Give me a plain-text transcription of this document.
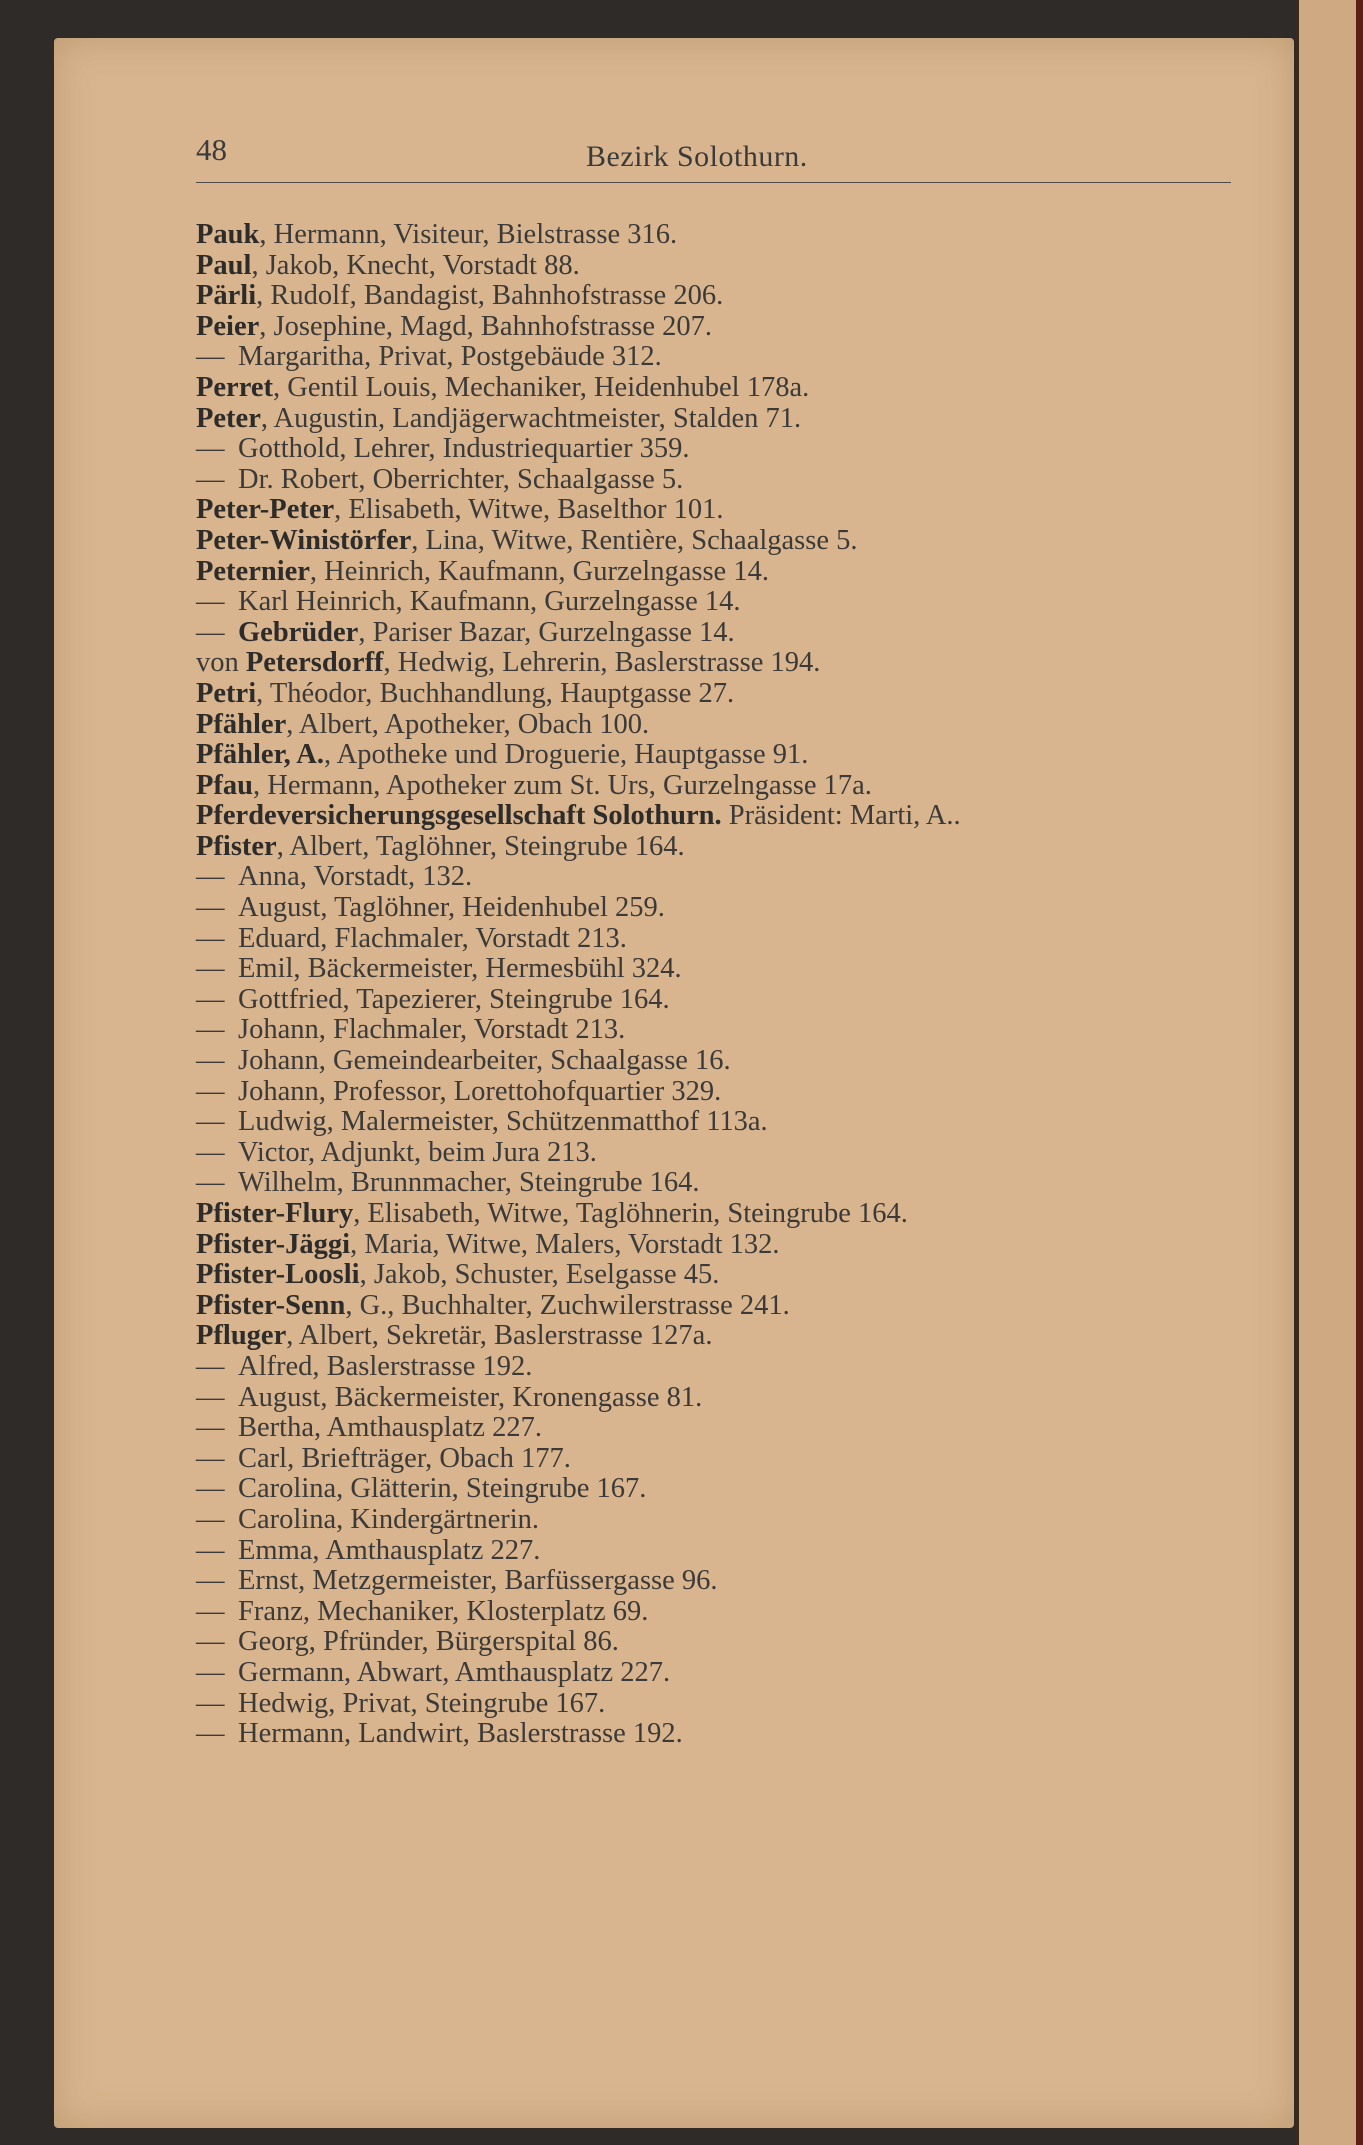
48	Bezirk Solothurn.
Pauk, Hermann, Visiteur, Bielstrasse 316.
Paul, Jakob, Knecht, Vorstadt 88.
Pärli, Rudolf, Bandagist, Bahnhofstrasse 206.
Peier, Josephine, Magd, Bahnhofstrasse 207.
— Margaritha, Privat, Postgebäude 312.
Perret, Gentil Louis, Mechaniker, Heidenhubel 178a.
Peter, Augustin, Landjägerwachtmeister, Stalden 71.
— Gotthold, Lehrer, Industriequartier 359.
— Dr. Robert, Oberrichter, Schaalgasse 5.
Peter-Peter, Elisabeth, Witwe, Baselthor 101.
Peter-Winistörfer, Lina, Witwe, Rentière, Schaalgasse 5.
Peternier, Heinrich, Kaufmann, Gurzelngasse 14.
— Karl Heinrich, Kaufmann, Gurzelngasse 14.
— Gebrüder, Pariser Bazar, Gurzelngasse 14.
von Petersdorff, Hedwig, Lehrerin, Baslerstrasse 194.
Petri, Théodor, Buchhandlung, Hauptgasse 27.
Pfähler, Albert, Apotheker, Obach 100.
Pfähler, A., Apotheke und Droguerie, Hauptgasse 91.
Pfau, Hermann, Apotheker zum St. Urs, Gurzelngasse 17a.
Pferdeversicherungsgesellschaft Solothurn. Präsident: Marti, A..
Pfister, Albert, Taglöhner, Steingrube 164.
— Anna, Vorstadt, 132.
— August, Taglöhner, Heidenhubel 259.
— Eduard, Flachmaler, Vorstadt 213.
— Emil, Bäckermeister, Hermesbühl 324.
— Gottfried, Tapezierer, Steingrube 164.
— Johann, Flachmaler, Vorstadt 213.
— Johann, Gemeindearbeiter, Schaalgasse 16.
— Johann, Professor, Lorettohofquartier 329.
— Ludwig, Malermeister, Schützenmatthof 113a.
— Victor, Adjunkt, beim Jura 213.
— Wilhelm, Brunnmacher, Steingrube 164.
Pfister-Flury, Elisabeth, Witwe, Taglöhnerin, Steingrube 164.
Pfister-Jäggi, Maria, Witwe, Malers, Vorstadt 132.
Pfister-Loosli, Jakob, Schuster, Eselgasse 45.
Pfister-Senn, G., Buchhalter, Zuchwilerstrasse 241.
Pfluger, Albert, Sekretär, Baslerstrasse 127a.
— Alfred, Baslerstrasse 192.
— August, Bäckermeister, Kronengasse 81.
— Bertha, Amthausplatz 227.
— Carl, Briefträger, Obach 177.
— Carolina, Glätterin, Steingrube 167.
— Carolina, Kindergärtnerin.
— Emma, Amthausplatz 227.
— Ernst, Metzgermeister, Barfüssergasse 96.
— Franz, Mechaniker, Klosterplatz 69.
— Georg, Pfründer, Bürgerspital 86.
— Germann, Abwart, Amthausplatz 227.
— Hedwig, Privat, Steingrube 167.
— Hermann, Landwirt, Baslerstrasse 192.
